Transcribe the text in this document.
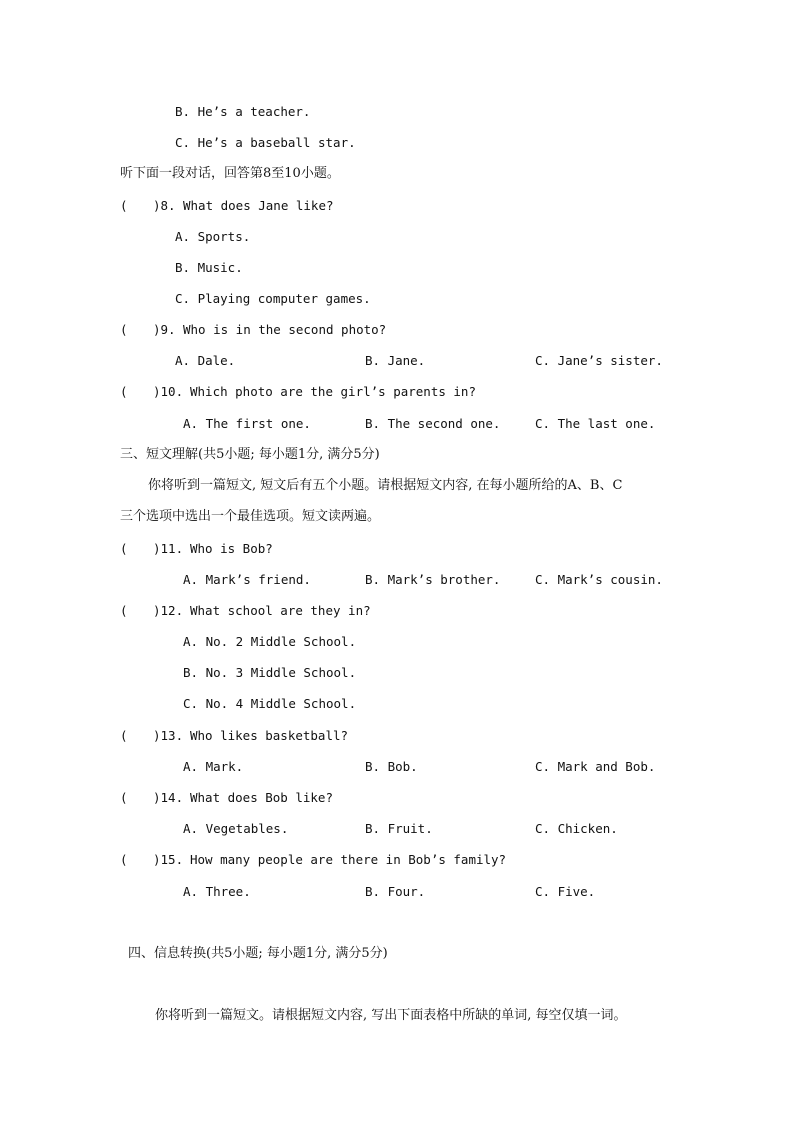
B. He’s a teacher.
C. He’s a baseball star.
听下面一段对话，回答第8至10小题。
( )8. What does Jane like?
A. Sports.
B. Music.
C. Playing computer games.
( )9. Who is in the second photo?
A. Dale.	B. Jane.	C. Jane’s sister.
( )10. Which photo are the girl’s parents in?
A. The first one.	B. The second one.	C. The last one.
三、短文理解(共5小题; 每小题1分, 满分5分)
你将听到一篇短文, 短文后有五个小题。请根据短文内容, 在每小题所给的A、B、C
三个选项中选出一个最佳选项。短文读两遍。
( )11. Who is Bob?
A. Mark’s friend.	B. Mark’s brother.	C. Mark’s cousin.
( )12. What school are they in?
A. No. 2 Middle School.
B. No. 3 Middle School.
C. No. 4 Middle School.
( )13. Who likes basketball?
A. Mark.	B. Bob.	C. Mark and Bob.
( )14. What does Bob like?
A. Vegetables.	B. Fruit.	C. Chicken.
( )15. How many people are there in Bob’s family?
A. Three.	B. Four.	C. Five.
四、信息转换(共5小题; 每小题1分, 满分5分)
你将听到一篇短文。请根据短文内容, 写出下面表格中所缺的单词, 每空仅填一词。
